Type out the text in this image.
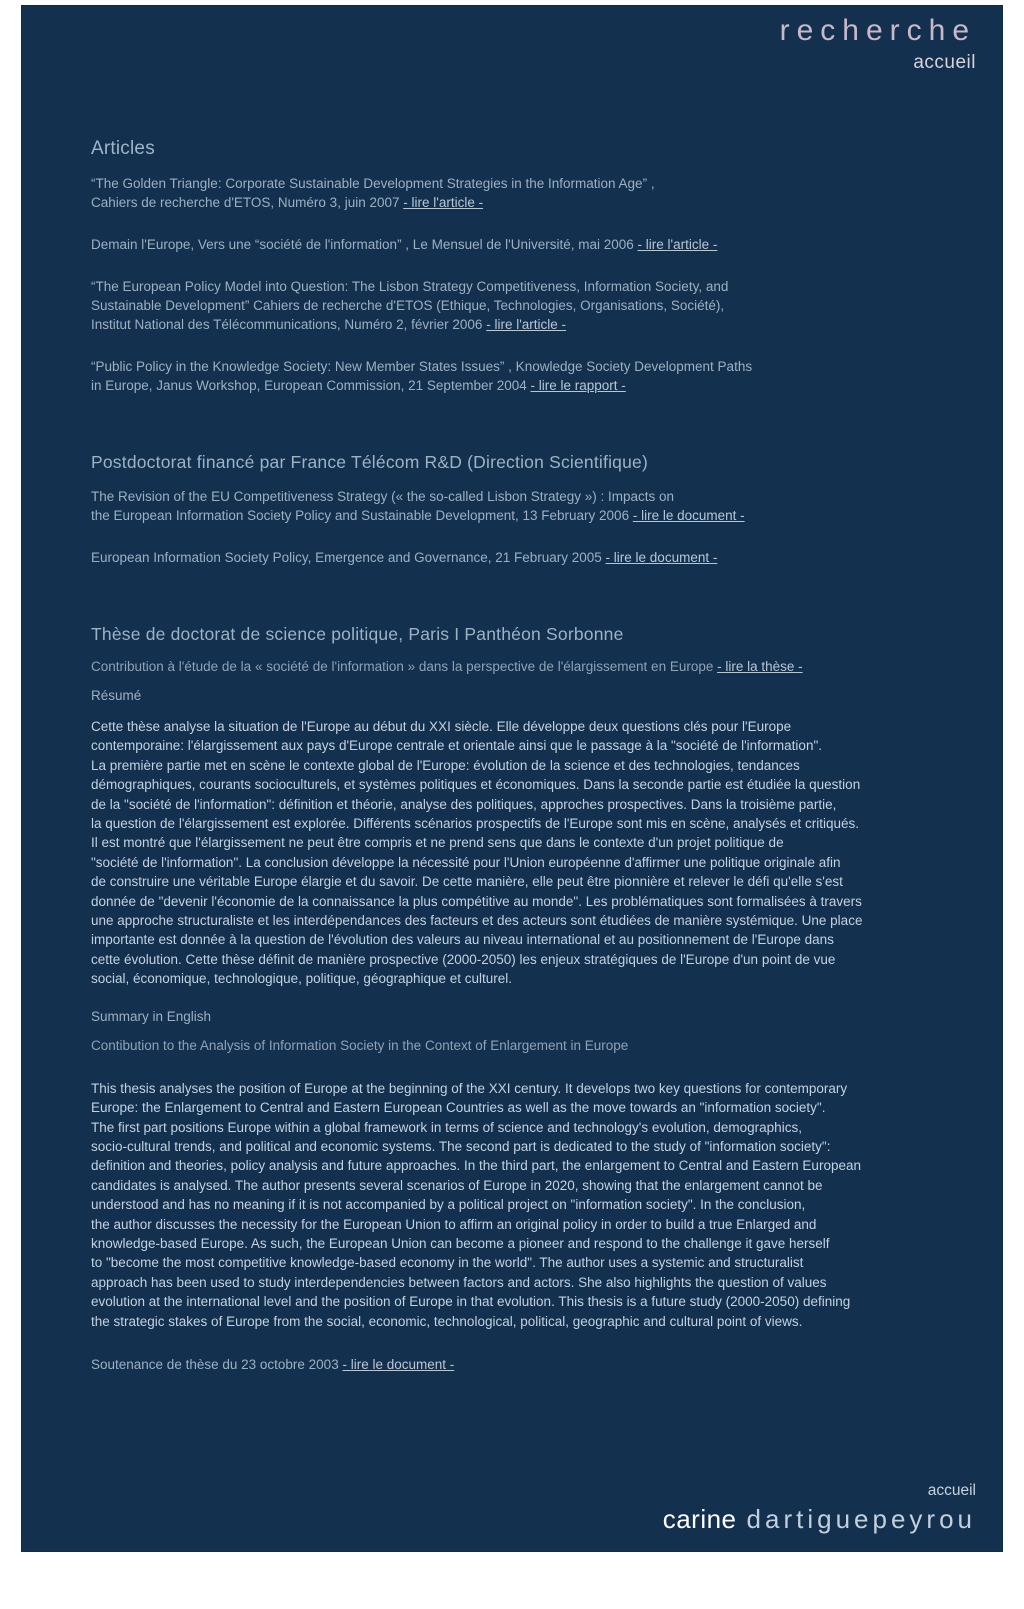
recherche
accueil
Articles
“The Golden Triangle: Corporate Sustainable Development Strategies in the Information Age” ,
Cahiers de recherche d'ETOS, Numéro 3, juin 2007 - lire l'article -
Demain l'Europe, Vers une “société de l'information” , Le Mensuel de l'Université, mai 2006 - lire l'article -
“The European Policy Model into Question: The Lisbon Strategy Competitiveness, Information Society, and
Sustainable Development” Cahiers de recherche d'ETOS (Ethique, Technologies, Organisations, Société),
Institut National des Télécommunications, Numéro 2, février 2006 - lire l'article -
“Public Policy in the Knowledge Society: New Member States Issues” , Knowledge Society Development Paths
in Europe, Janus Workshop, European Commission, 21 September 2004 - lire le rapport -
Postdoctorat financé par France Télécom R&D (Direction Scientifique)
The Revision of the EU Competitiveness Strategy (« the so-called Lisbon Strategy ») : Impacts on
the European Information Society Policy and Sustainable Development, 13 February 2006 - lire le document -
European Information Society Policy, Emergence and Governance, 21 February 2005 - lire le document -
Thèse de doctorat de science politique, Paris I Panthéon Sorbonne
Contribution à l'étude de la « société de l'information » dans la perspective de l'élargissement en Europe - lire la thèse -
Résumé
Cette thèse analyse la situation de l'Europe au début du XXI siècle. Elle développe deux questions clés pour l'Europe
contemporaine: l'élargissement aux pays d'Europe centrale et orientale ainsi que le passage à la "société de l'information".
La première partie met en scène le contexte global de l'Europe: évolution de la science et des technologies, tendances
démographiques, courants socioculturels, et systèmes politiques et économiques. Dans la seconde partie est étudiée la question
de la "société de l'information": définition et théorie, analyse des politiques, approches prospectives. Dans la troisième partie,
la question de l'élargissement est explorée. Différents scénarios prospectifs de l'Europe sont mis en scène, analysés et critiqués.
Il est montré que l'élargissement ne peut être compris et ne prend sens que dans le contexte d'un projet politique de
"société de l'information". La conclusion développe la nécessité pour l'Union européenne d'affirmer une politique originale afin
de construire une véritable Europe élargie et du savoir. De cette manière, elle peut être pionnière et relever le défi qu'elle s'est
donnée de "devenir l'économie de la connaissance la plus compétitive au monde". Les problématiques sont formalisées à travers
une approche structuraliste et les interdépendances des facteurs et des acteurs sont étudiées de manière systémique. Une place
importante est donnée à la question de l'évolution des valeurs au niveau international et au positionnement de l'Europe dans
cette évolution. Cette thèse définit de manière prospective (2000-2050) les enjeux stratégiques de l'Europe d'un point de vue
social, économique, technologique, politique, géographique et culturel.
Summary in English
Contibution to the Analysis of Information Society in the Context of Enlargement in Europe
This thesis analyses the position of Europe at the beginning of the XXI century. It develops two key questions for contemporary
Europe: the Enlargement to Central and Eastern European Countries as well as the move towards an "information society".
The first part positions Europe within a global framework in terms of science and technology's evolution, demographics,
socio-cultural trends, and political and economic systems. The second part is dedicated to the study of "information society":
definition and theories, policy analysis and future approaches. In the third part, the enlargement to Central and Eastern European
candidates is analysed. The author presents several scenarios of Europe in 2020, showing that the enlargement cannot be
understood and has no meaning if it is not accompanied by a political project on "information society". In the conclusion,
the author discusses the necessity for the European Union to affirm an original policy in order to build a true Enlarged and
knowledge-based Europe. As such, the European Union can become a pioneer and respond to the challenge it gave herself
to "become the most competitive knowledge-based economy in the world". The author uses a systemic and structuralist
approach has been used to study interdependencies between factors and actors. She also highlights the question of values
evolution at the international level and the position of Europe in that evolution. This thesis is a future study (2000-2050) defining
the strategic stakes of Europe from the social, economic, technological, political, geographic and cultural point of views.
Soutenance de thèse du 23 octobre 2003 - lire le document -
accueil
carine dartiguepeyrou
